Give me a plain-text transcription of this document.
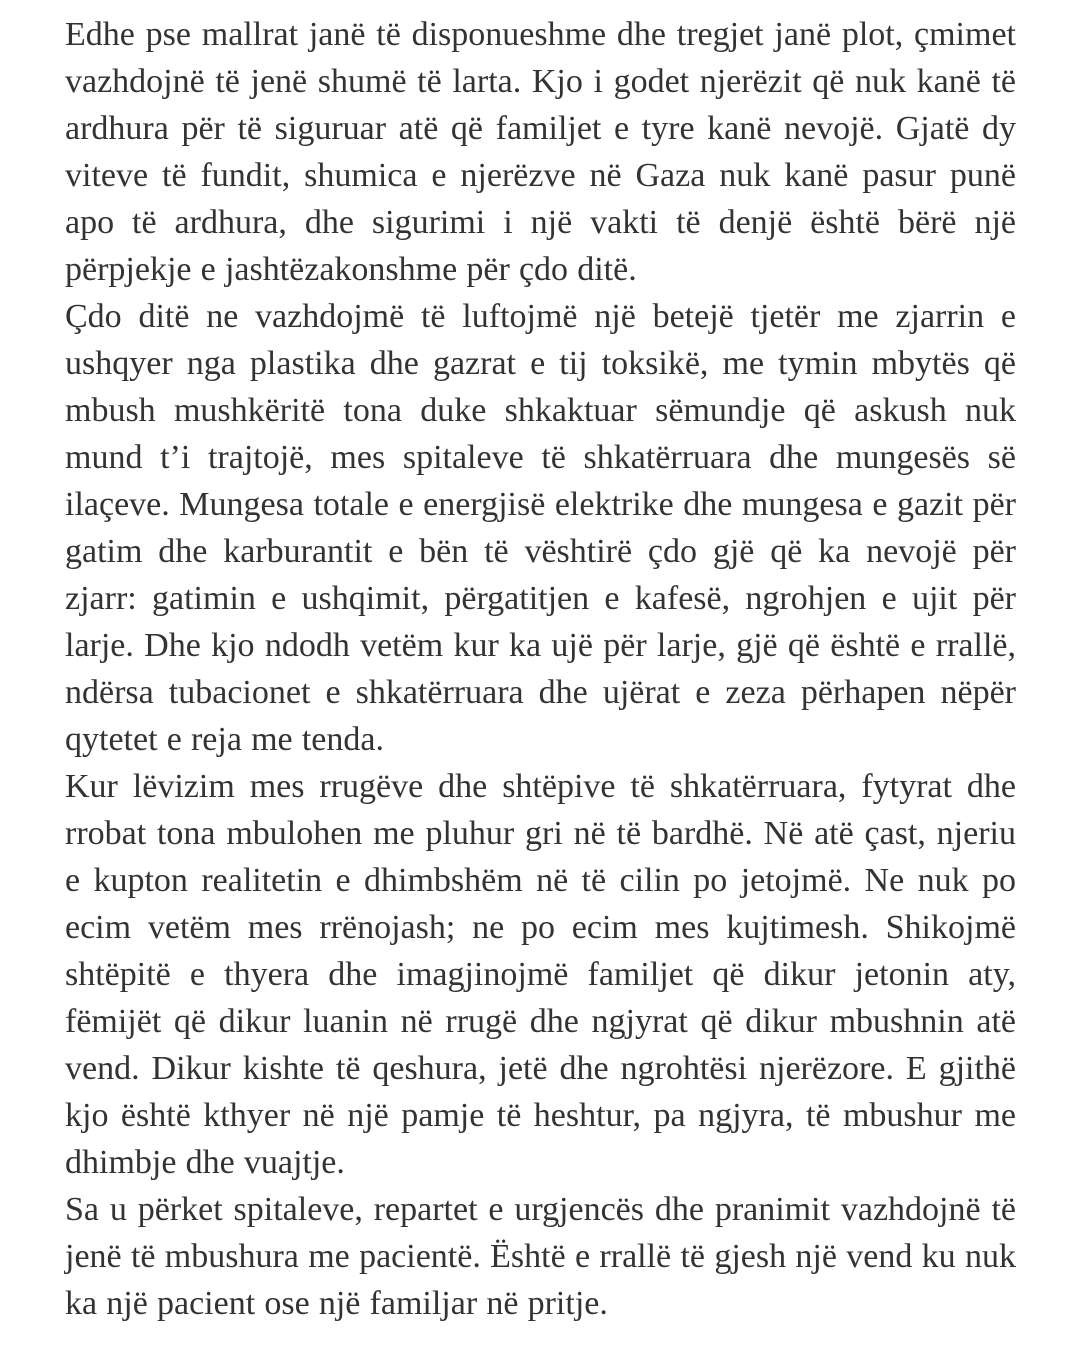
Edhe pse mallrat janë të disponueshme dhe tregjet janë plot, çmimet vazhdojnë të jenë shumë të larta. Kjo i godet njerëzit që nuk kanë të ardhura për të siguruar atë që familjet e tyre kanë nevojë. Gjatë dy viteve të fundit, shumica e njerëzve në Gaza nuk kanë pasur punë apo të ardhura, dhe sigurimi i një vakti të denjë është bërë një përpjekje e jashtëzakonshme për çdo ditë.

Çdo ditë ne vazhdojmë të luftojmë një betejë tjetër me zjarrin e ushqyer nga plastika dhe gazrat e tij toksikë, me tymin mbytës që mbush mushkëritë tona duke shkaktuar sëmundje që askush nuk mund t’i trajtojë, mes spitaleve të shkatërruara dhe mungesës së ilaçeve. Mungesa totale e energjisë elektrike dhe mungesa e gazit për gatim dhe karburantit e bën të vështirë çdo gjë që ka nevojë për zjarr: gatimin e ushqimit, përgatitjen e kafesë, ngrohjen e ujit për larje. Dhe kjo ndodh vetëm kur ka ujë për larje, gjë që është e rrallë, ndërsa tubacionet e shkatërruara dhe ujërat e zeza përhapen nëpër qytetet e reja me tenda.

Kur lëvizim mes rrugëve dhe shtëpive të shkatërruara, fytyrat dhe rrobat tona mbulohen me pluhur gri në të bardhë. Në atë çast, njeriu e kupton realitetin e dhimbshëm në të cilin po jetojmë. Ne nuk po ecim vetëm mes rrënojash; ne po ecim mes kujtimesh. Shikojmë shtëpitë e thyera dhe imagjinojmë familjet që dikur jetonin aty, fëmijët që dikur luanin në rrugë dhe ngjyrat që dikur mbushnin atë vend. Dikur kishte të qeshura, jetë dhe ngrohtësi njerëzore. E gjithë kjo është kthyer në një pamje të heshtur, pa ngjyra, të mbushur me dhimbje dhe vuajtje.

Sa u përket spitaleve, repartet e urgjencës dhe pranimit vazhdojnë të jenë të mbushura me pacientë. Është e rrallë të gjesh një vend ku nuk ka një pacient ose një familjar në pritje.
